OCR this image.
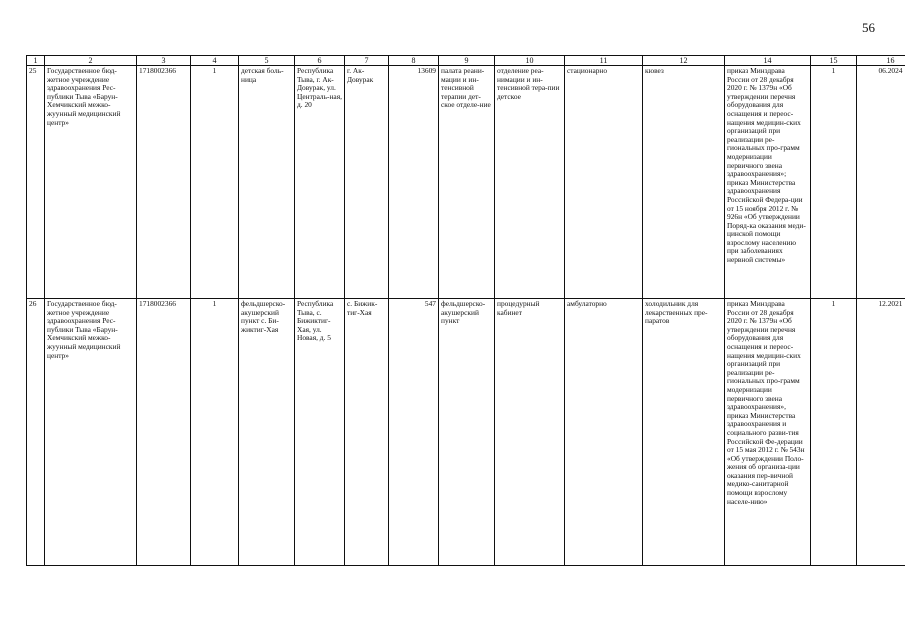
56
1	2	3	4	5	6	7	8	9	10	11	12	14	15	16
25	Государственное бюд-жетное учреждение здравоохранения Рес-публики Тыва «Барун-Хемчикский межко-жуунный медицинский центр»	1718002366	1	детская боль-ница	Республика Тыва, г. Ак-Довурак, ул. Централь-ная, д. 20	г. Ак-Довурак	13609	палата реани-мации и ин-тенсивной терапии дет-ское отделе-ние	отделение реа-нимации и ин-тенсивной тера-пии детское	стационарно	кювез	приказ Минздрава России от 28 декабря 2020 г. № 1379н «Об утверждении перечня оборудования для оснащения и переос-нащения медицин-ских организаций при реализации ре-гиональных про-грамм модернизации первичного звена здравоохранения»; приказ Министерства здравоохранения Российской Федера-ции от 15 ноября 2012 г. № 926н «Об утверждении Поряд-ка оказания меди-цинской помощи взрослому населению при заболеваниях нервной системы»	1	06.2024
26	Государственное бюд-жетное учреждение здравоохранения Рес-публики Тыва «Барун-Хемчикский межко-жуунный медицинский центр»	1718002366	1	фельдшерско-акушерский пункт с. Би-жиктиг-Хая	Республика Тыва, с. Бижиктиг-Хая, ул. Новая, д. 5	с. Бижик-тиг-Хая	547	фельдшерско-акушерский пункт	процедурный кабинет	амбулаторно	холодильник для лекарственных пре-паратов	приказ Минздрава России от 28 декабря 2020 г. № 1379н «Об утверждении перечня оборудования для оснащения и переос-нащения медицин-ских организаций при реализации ре-гиональных про-грамм модернизации первичного звена здравоохранения», приказ Министерства здравоохранения и социального разви-тия Российской Фе-дерации от 15 мая 2012 г. № 543н «Об утверждении Поло-жения об организа-ции оказания пер-вичной медико-санитарной помощи взрослому населе-нию»	1	12.2021
